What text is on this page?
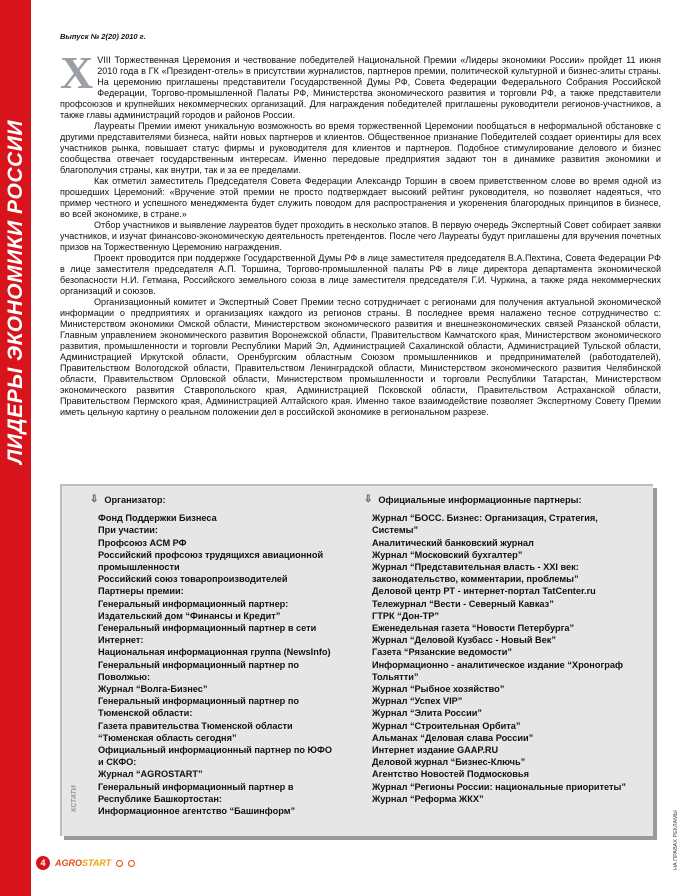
ЛИДЕРЫ ЭКОНОМИКИ РОССИИ
Выпуск № 2(20) 2010 г.

ХVIII Торжественная Церемония и чествование победителей Национальной Премии «Лидеры экономики России» пройдет 11 июня 2010 года в ГК «Президент-отель» в присутствии журналистов, партнеров премии, политической культурной и бизнес-элиты страны. На церемонию приглашены представители Государственной Думы РФ, Совета Федерации Федерального Собрания Российской Федерации, Торгово-промышленной Палаты РФ, Министерства экономического развития и торговли РФ, а также представители профсоюзов и крупнейших некоммерческих организаций. Для награждения победителей приглашены руководители регионов-участников, а также главы администраций городов и районов России.

Лауреаты Премии имеют уникальную возможность во время торжественной Церемонии пообщаться в неформальной обстановке с другими представителями бизнеса, найти новых партнеров и клиентов. Общественное признание Победителей создает ориентиры для всех участников рынка, повышает статус фирмы и руководителя для клиентов и партнеров. Подобное стимулирование делового и бизнес сообщества отвечает государственным интересам. Именно передовые предприятия задают тон в динамике развития экономики и благополучия страны, как внутри, так и за ее пределами.

Как отметил заместитель Председателя Совета Федерации Александр Торшин в своем приветственном слове во время одной из прошедших Церемоний: «Вручение этой премии не просто подтверждает высокий рейтинг руководителя, но позволяет надеяться, что пример честного и успешного менеджмента будет служить поводом для распространения и укоренения благородных принципов в бизнесе, во всей экономике, в стране.»

Отбор участников и выявление лауреатов будет проходить в несколько этапов. В первую очередь Экспертный Совет собирает заявки участников, и изучат финансово-экономическую деятельность претендентов. После чего Лауреаты будут приглашены для вручения почетных призов на Торжественную Церемонию награждения.

Проект проводится при поддержке Государственной Думы РФ в лице заместителя председателя В.А.Пехтина, Совета Федерации РФ в лице заместителя председателя А.П. Торшина, Торгово-промышленной палаты РФ в лице директора департамента экономической безопасности Н.И. Гетмана, Российского земельного союза в лице заместителя председателя Г.И. Чуркина, а также ряда некоммерческих организаций и союзов.

Организационный комитет и Экспертный Совет Премии тесно сотрудничает с регионами для получения актуальной экономической информации о предприятиях и организациях каждого из регионов страны. В последнее время налажено тесное сотрудничество с: Министерством экономики Омской области, Министерством экономического развития и внешнеэкономических связей Рязанской области, Главным управлением экономического развития Воронежской области, Правительством Камчатского края, Министерством экономического развития, промышленности и торговли Республики Марий Эл, Администрацией Сахалинской области, Администрацией Тульской области, Администрацией Иркутской области, Оренбургским областным Союзом промышленников и предпринимателей (работодателей), Правительством Вологодской области, Правительством Ленинградской области, Министерством экономического развития Челябинской области, Правительством Орловской области, Министерством промышленности и торговли Республики Татарстан, Министерством экономического развития Ставропольского края, Администрацией Псковской области, Правительством Астраханской области, Правительством Пермского края, Администрацией Алтайского края. Именно такое взаимодействие позволяет Экспертному Совету Премии иметь цельную картину о реальном положении дел в российской экономике в региональном разрезе.

⇩ Организатор:
Фонд Поддержки Бизнеса
При участии:
Профсоюз АСМ РФ
Российский профсоюз трудящихся авиационной промышленности
Российский союз товаропроизводителей
Партнеры премии:
Генеральный информационный партнер:
Издательский дом “Финансы и Кредит”
Генеральный информационный партнер в сети Интернет:
Национальная информационная группа (NewsInfo)
Генеральный информационный партнер по Поволжью:
Журнал “Волга-Бизнес”
Генеральный информационный партнер по Тюменской области:
Газета правительства Тюменской области “Тюменская область сегодня”
Официальный информационный партнер по ЮФО и СКФО:
Журнал “AGROSTART”
Генеральный информационный партнер в Республике Башкортостан:
Информационное агентство “Башинформ”
⇩ Официальные информационные партнеры:
Журнал “БОСС. Бизнес: Организация, Стратегия, Системы”
Аналитический банковский журнал
Журнал “Московский бухгалтер”
Журнал “Представительная власть - XXI век: законодательство, комментарии, проблемы”
Деловой центр РТ - интернет-портал TatCenter.ru
Тележурнал “Вести - Северный Кавказ”
ГТРК “Дон-ТР”
Еженедельная газета “Новости Петербурга”
Журнал “Деловой Кузбасс - Новый Век”
Газета “Рязанские ведомости”
Информационно - аналитическое издание “Хронограф Тольятти”
Журнал “Рыбное хозяйство”
Журнал “Успех VIP”
Журнал “Элита России”
Журнал “Строительная Орбита”
Альманах “Деловая слава России”
Интернет издание GAAP.RU
Деловой журнал “Бизнес-Ключь”
Агентство Новостей Подмосковья
Журнал “Регионы России: национальные приоритеты”
Журнал “Реформа ЖКХ”
КСТАТИ
НА ПРАВАХ РЕКЛАМЫ
4	AGROSTART
